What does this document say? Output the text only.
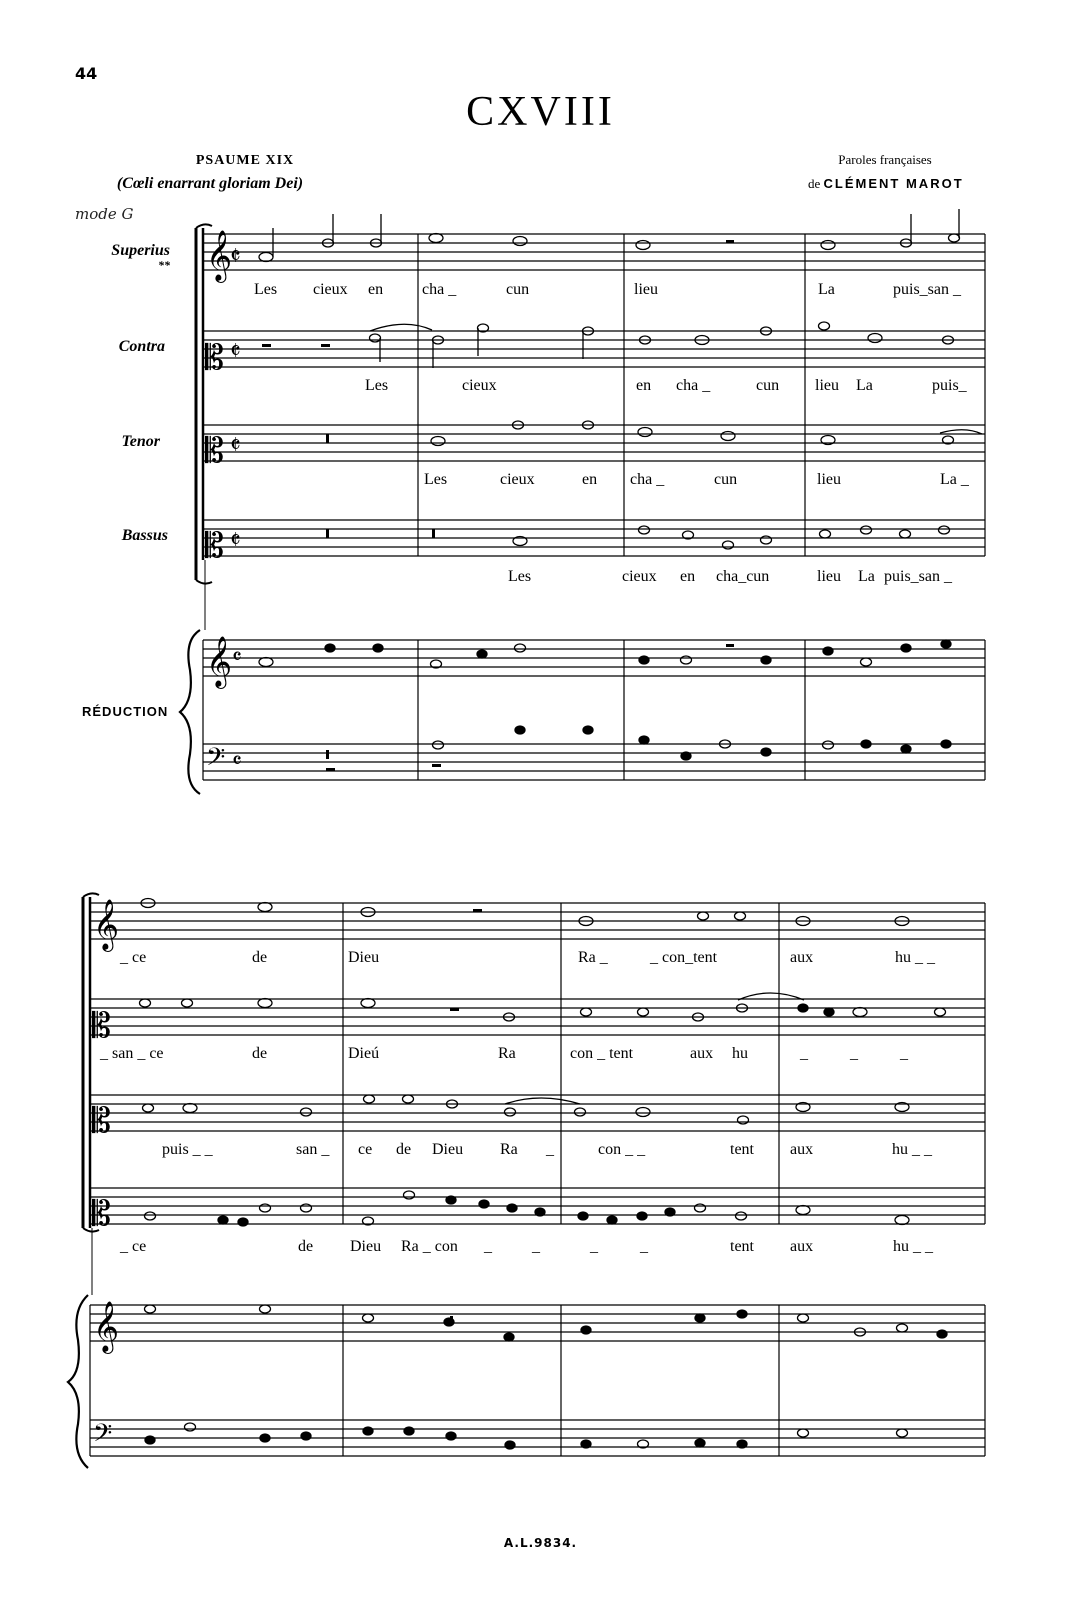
44
CXVIII
PSAUME XIX
(Cœli enarrant gloriam Dei)
mode G
Paroles françaises
de CLÉMENT MAROT
Superius
**
Contra
Tenor
Bassus
RÉDUCTION
𝄞
𝄵
𝄡 𝄵
𝄡 𝄵
𝄡 𝄵
𝄞 𝄴
𝄢 𝄴
𝄞
𝄡
𝄡
𝄡
𝄞
𝄢
Les cieux en cha _	cun	lieu	La	puis_san _
Les	cieux	en cha _	cun lieu La	puis_
Les	cieux	en cha _	cun	lieu	La _
Les	cieux en cha_cun	lieu La puis_san _
_ ce	de	Dieu	Ra _	_ con_tent	aux	hu _ _
_ san _ ce	de	Dieú	Ra	con _ tent	aux hu	_	_	_
puis _ _	san _ ce de Dieu Ra _	con _ _	tent aux	hu _ _
_ ce	de Dieu Ra _ con _	_	_	_	tent aux	hu _ _
A.L.9834.
